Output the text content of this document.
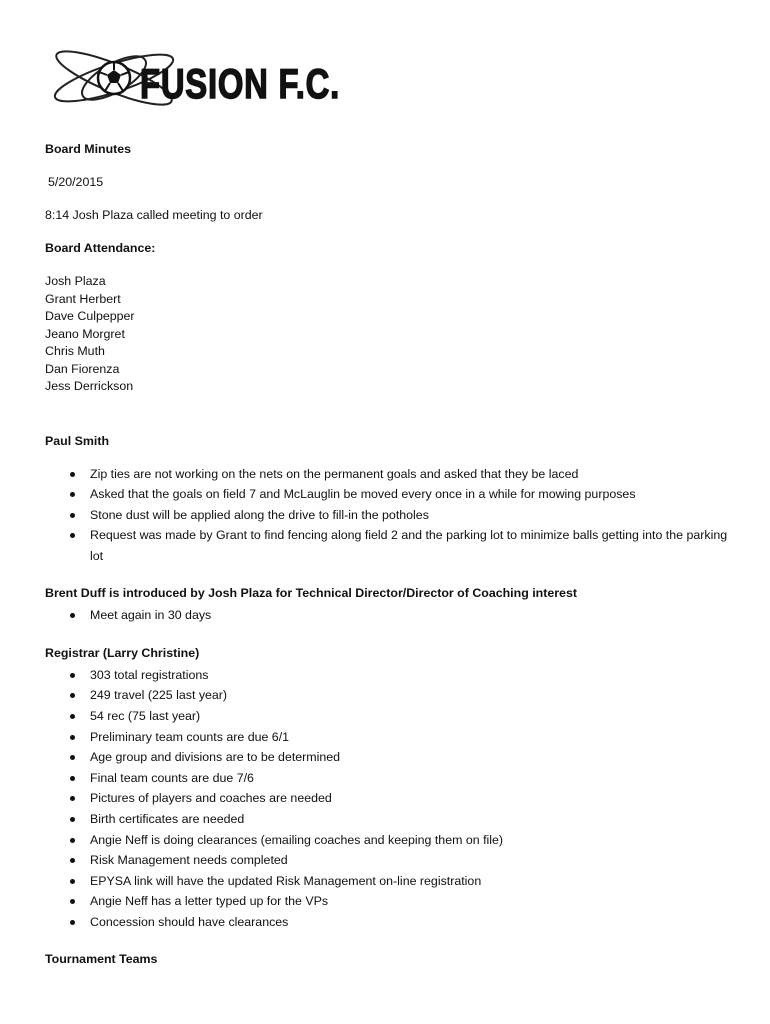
FUSION F.C.

Board Minutes

5/20/2015

8:14 Josh Plaza called meeting to order

Board Attendance:

Josh Plaza

Grant Herbert

Dave Culpepper

Jeano Morgret

Chris Muth

Dan Fiorenza

Jess Derrickson

Paul Smith

Zip ties are not working on the nets on the permanent goals and asked that they be laced
Asked that the goals on field 7 and McLauglin be moved every once in a while for mowing purposes
Stone dust will be applied along the drive to fill-in the potholes
Request was made by Grant to find fencing along field 2 and the parking lot to minimize balls getting into the parking lot

Brent Duff is introduced by Josh Plaza for Technical Director/Director of Coaching interest

Meet again in 30 days

Registrar (Larry Christine)

303 total registrations
249 travel (225 last year)
54 rec (75 last year)
Preliminary team counts are due 6/1
Age group and divisions are to be determined
Final team counts are due 7/6
Pictures of players and coaches are needed
Birth certificates are needed
Angie Neff is doing clearances (emailing coaches and keeping them on file)
Risk Management needs completed
EPYSA link will have the updated Risk Management on-line registration
Angie Neff has a letter typed up for the VPs
Concession should have clearances

Tournament Teams
